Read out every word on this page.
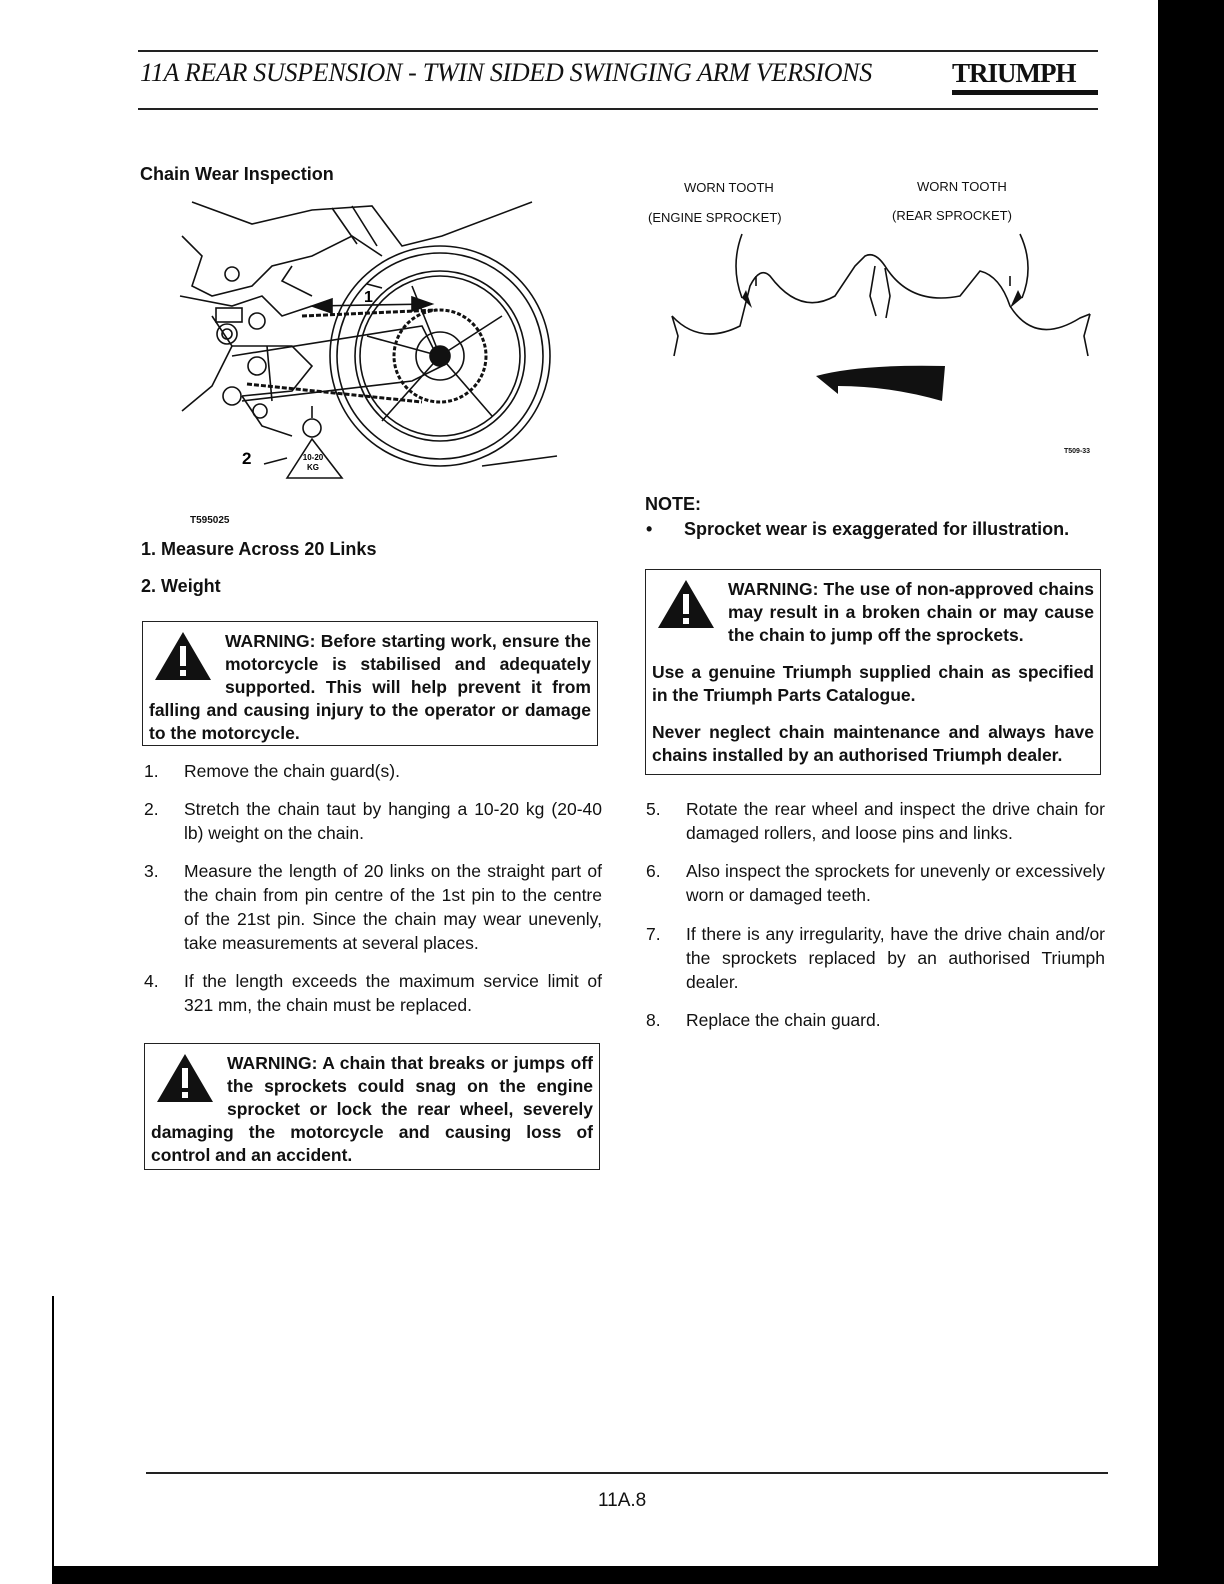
11A REAR SUSPENSION - TWIN SIDED SWINGING ARM VERSIONS	TRIUMPH
Chain Wear Inspection
1
2	10-20
KG
T595025
1. Measure Across 20 Links
2. Weight

WARNING: Before starting work, ensure the motorcycle is stabilised and adequately supported. This will help prevent it from falling and causing injury to the operator or damage to the motorcycle.

1. Remove the chain guard(s).
2. Stretch the chain taut by hanging a 10-20 kg (20-40 lb) weight on the chain.
3. Measure the length of 20 links on the straight part of the chain from pin centre of the 1st pin to the centre of the 21st pin. Since the chain may wear unevenly, take measurements at several places.
4. If the length exceeds the maximum service limit of 321 mm, the chain must be replaced.

WARNING: A chain that breaks or jumps off the sprockets could snag on the engine sprocket or lock the rear wheel, severely damaging the motorcycle and causing loss of control and an accident.

WORN TOOTH
(ENGINE SPROCKET)
WORN TOOTH
(REAR SPROCKET)
T509-33
NOTE:
• Sprocket wear is exaggerated for illustration.

WARNING: The use of non-approved chains may result in a broken chain or may cause the chain to jump off the sprockets.

Use a genuine Triumph supplied chain as specified in the Triumph Parts Catalogue.

Never neglect chain maintenance and always have chains installed by an authorised Triumph dealer.

5. Rotate the rear wheel and inspect the drive chain for damaged rollers, and loose pins and links.
6. Also inspect the sprockets for unevenly or excessively worn or damaged teeth.
7. If there is any irregularity, have the drive chain and/or the sprockets replaced by an authorised Triumph dealer.
8. Replace the chain guard.
11A.8
